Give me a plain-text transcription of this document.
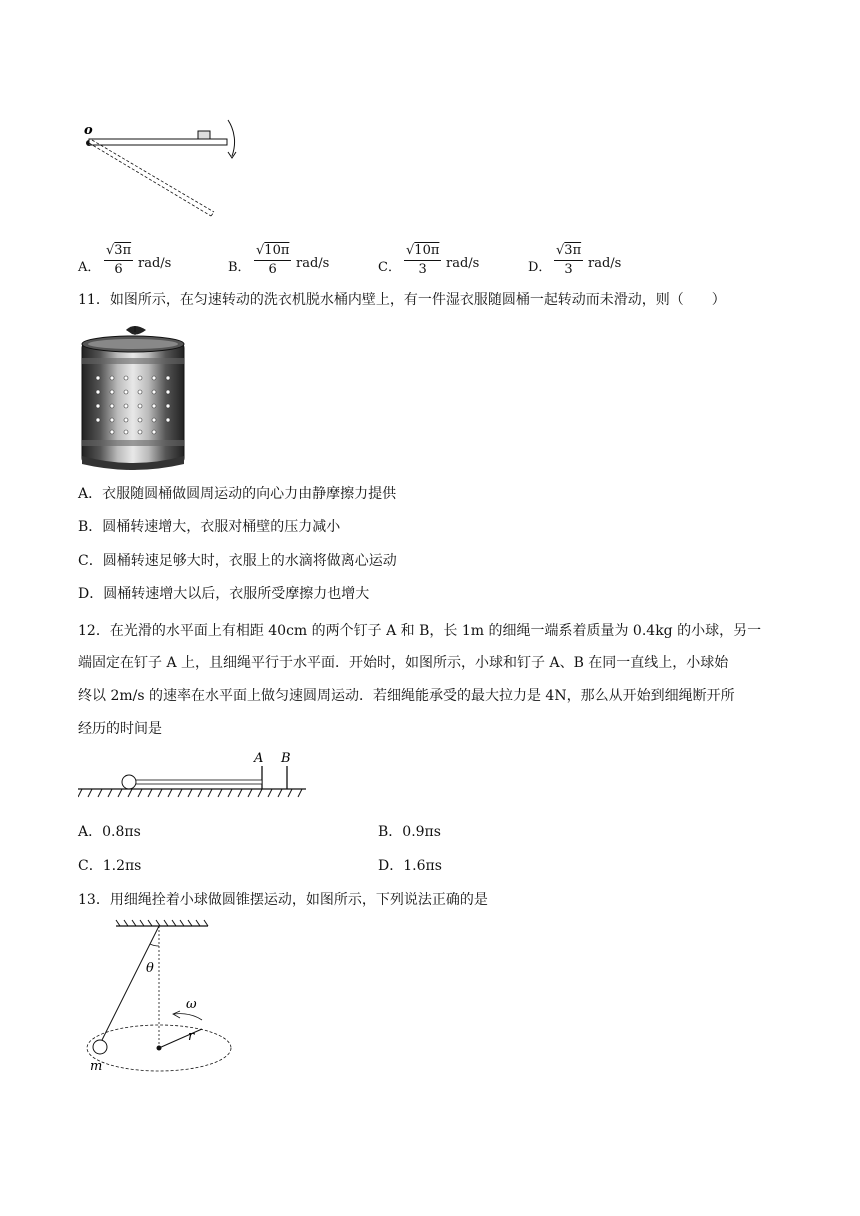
o
A． $\frac{√3\pi}{6} rad/s$	B． $\frac{√10\pi}{6} rad/s$	C． $\frac{√10\pi}{3} rad/s$	D． $\frac{√3\pi}{3} rad/s$
11．如图所示，在匀速转动的洗衣机脱水桶内壁上，有一件湿衣服随圆桶一起转动而未滑动，则（　　）
A．衣服随圆桶做圆周运动的向心力由静摩擦力提供
B．圆桶转速增大，衣服对桶壁的压力减小
C．圆桶转速足够大时，衣服上的水滴将做离心运动
D．圆桶转速增大以后，衣服所受摩擦力也增大
12．在光滑的水平面上有相距 40cm 的两个钉子 A 和 B，长 1m 的细绳一端系着质量为 0.4kg 的小球，另一
端固定在钉子 A 上，且细绳平行于水平面．开始时，如图所示，小球和钉子 A、B 在同一直线上，小球始
终以 2m/s 的速率在水平面上做匀速圆周运动．若细绳能承受的最大拉力是 4N，那么从开始到细绳断开所
经历的时间是
A B
A．0.8πs	B．0.9πs
C．1.2πs	D．1.6πs
13．用细绳拴着小球做圆锥摆运动，如图所示，下列说法正确的是
θ
r
ω
m
